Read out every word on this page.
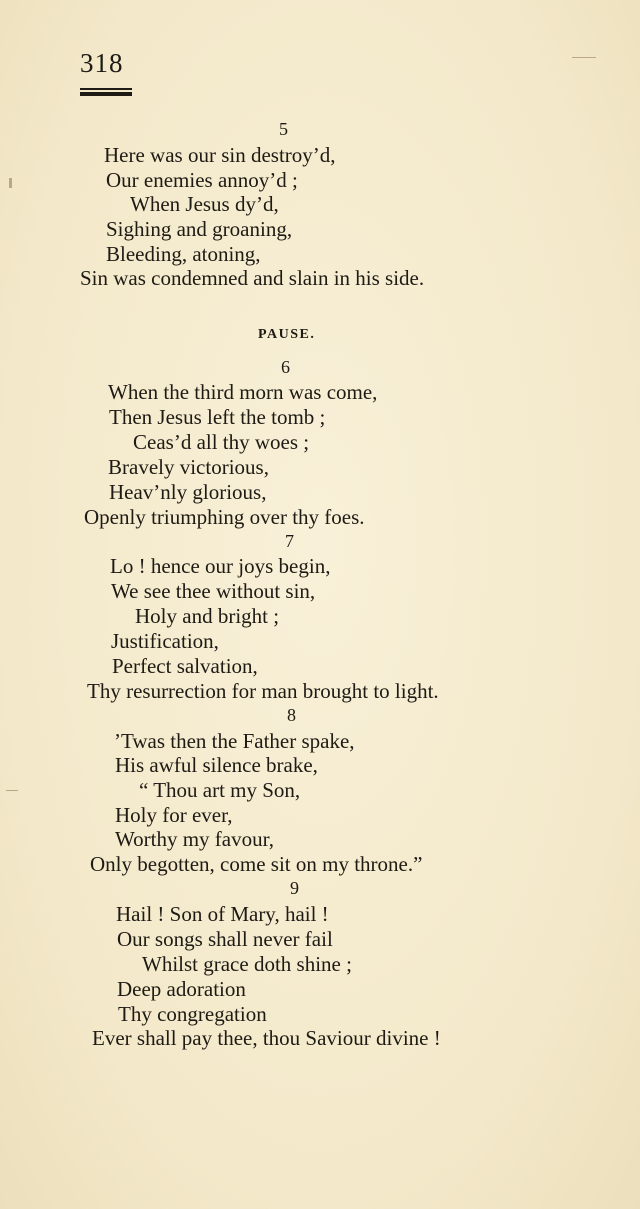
318
5
Here was our sin destroy’d,
Our enemies annoy’d ;
When Jesus dy’d,
Sighing and groaning,
Bleeding, atoning,
Sin was condemned and slain in his side.
PAUSE.
6
When the third morn was come,
Then Jesus left the tomb ;
Ceas’d all thy woes ;
Bravely victorious,
Heav’nly glorious,
Openly triumphing over thy foes.
7
Lo ! hence our joys begin,
We see thee without sin,
Holy and bright ;
Justification,
Perfect salvation,
Thy resurrection for man brought to light.
8
’Twas then the Father spake,
His awful silence brake,
“ Thou art my Son,
Holy for ever,
Worthy my favour,
Only begotten, come sit on my throne.”
9
Hail ! Son of Mary, hail !
Our songs shall never fail
Whilst grace doth shine ;
Deep adoration
Thy congregation
Ever shall pay thee, thou Saviour divine !
